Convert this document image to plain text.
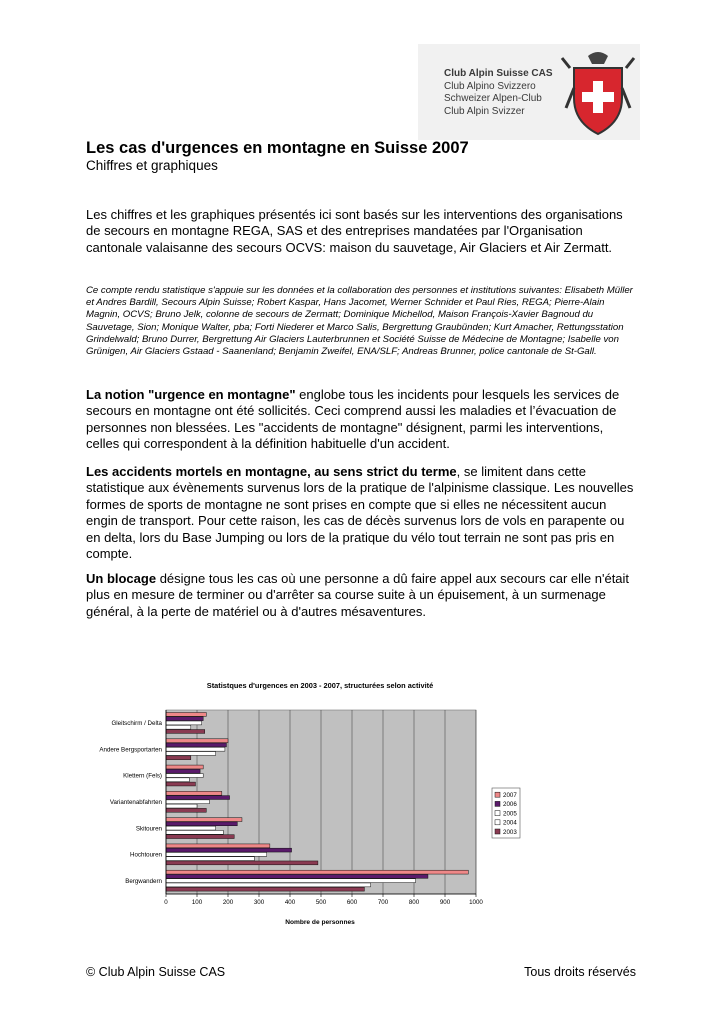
Club Alpin Suisse CAS
Club Alpino Svizzero
Schweizer Alpen-Club
Club Alpin Svizzer
Les cas d'urgences en montagne en Suisse 2007
Chiffres et graphiques

Les chiffres et les graphiques présentés ici sont basés sur les interventions des organisations de secours en montagne REGA, SAS et des entreprises mandatées par l'Organisation cantonale valaisanne des secours OCVS: maison du sauvetage, Air Glaciers et Air Zermatt.

Ce compte rendu statistique s'appuie sur les données et la collaboration des personnes et institutions suivantes: Elisabeth Müller et Andres Bardill, Secours Alpin Suisse; Robert Kaspar, Hans Jacomet, Werner Schnider et Paul Ries, REGA; Pierre-Alain Magnin, OCVS; Bruno Jelk, colonne de secours de Zermatt; Dominique Michellod, Maison François-Xavier Bagnoud du Sauvetage, Sion; Monique Walter, pba; Forti Niederer et Marco Salis, Bergrettung Graubünden; Kurt Amacher, Rettungsstation Grindelwald; Bruno Durrer, Bergrettung Air Glaciers Lauterbrunnen et Société Suisse de Médecine de Montagne; Isabelle von Grünigen, Air Glaciers Gstaad - Saanenland; Benjamin Zweifel, ENA/SLF; Andreas Brunner, police cantonale de St-Gall.

La notion "urgence en montagne" englobe tous les incidents pour lesquels les services de secours en montagne ont été sollicités. Ceci comprend aussi les maladies et l’évacuation de personnes non blessées. Les "accidents de montagne" désignent, parmi les interventions, celles qui correspondent à la définition habituelle d'un accident.

Les accidents mortels en montagne, au sens strict du terme, se limitent dans cette statistique aux évènements survenus lors de la pratique de l'alpinisme classique. Les nouvelles formes de sports de montagne ne sont prises en compte que si elles ne nécessitent aucun engin de transport. Pour cette raison, les cas de décès survenus lors de vols en parapente ou en delta, lors du Base Jumping ou lors de la pratique du vélo tout terrain ne sont pas pris en compte.

Un blocage désigne tous les cas où une personne a dû faire appel aux secours car elle n'était plus en mesure de terminer ou d'arrêter sa course suite à un épuisement, à un surmenage général, à la perte de matériel ou à d'autres mésaventures.

Statistques d'urgences en 2003 - 2007, structurées selon activité
Nombre de personnes
0	100	200	300	400	500	600	700	800	900	1000
Gleitschirm / Delta
Andere Bergsportarten
Klettern (Fels)
Variantenabfahrten
Skitouren
Hochtouren
Bergwandern
2007
2006
2005
2004
2003
© Club Alpin Suisse CAS	Tous droits réservés
